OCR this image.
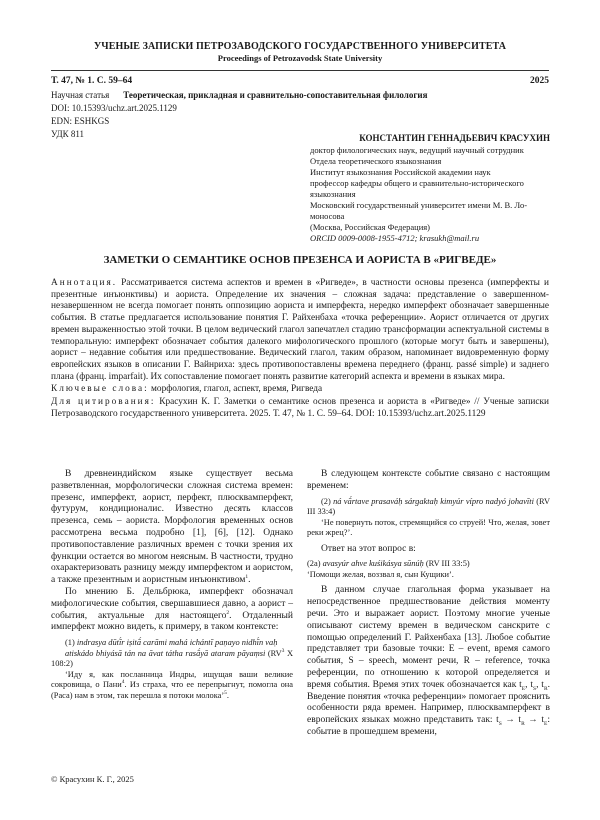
УЧЕНЫЕ ЗАПИСКИ ПЕТРОЗАВОДСКОГО ГОСУДАРСТВЕННОГО УНИВЕРСИТЕТА
Proceedings of Petrozavodsk State University
Т. 47, № 1. С. 59–64	2025
Научная статья Теоретическая, прикладная и сравнительно-сопоставительная филология
DOI: 10.15393/uchz.art.2025.1129
EDN: ESHKGS
УДК 811	КОНСТАНТИН ГЕННАДЬЕВИЧ КРАСУХИН
доктор филологических наук, ведущий научный сотрудник
Отдела теоретического языкознания
Институт языкознания Российской академии наук
профессор кафедры общего и сравнительно-исторического
языкознания
Московский государственный университет имени М. В. Ло-
моносова
(Москва, Российская Федерация)
ORCID 0009-0008-1955-4712; krasukh@mail.ru
ЗАМЕТКИ О СЕМАНТИКЕ ОСНОВ ПРЕЗЕНСА И АОРИСТА В «РИГВЕДЕ»

Аннотация. Рассматривается система аспектов и времен в «Ригведе», в частности основы презенса (имперфекты и презентные инъюнктивы) и аориста. Определение их значения – сложная задача: представление о завершенном-незавершенном не всегда помогает понять оппозицию аориста и имперфекта, нередко имперфект обозначает завершенные события. В статье предлагается использование понятия Г. Райхенбаха «точка референции». Аорист отличается от других времен выраженностью этой точки. В целом ведический глагол запечатлел стадию трансформации аспектуальной системы в темпоральную: имперфект обозначает события далекого мифологического прошлого (которые могут быть и завершены), аорист – недавние события или предшествование. Ведический глагол, таким образом, напоминает видовременную форму европейских языков в описании Г. Вайнриха: здесь противопоставлены времена переднего (франц. passé simple) и заднего плана (франц. imparfait). Их сопоставление помогает понять развитие категорий аспекта и времени в языках мира.

Ключевые слова: морфология, глагол, аспект, время, Ригведа

Для цитирования: Красухин К. Г. Заметки о семантике основ презенса и аориста в «Ригведе» // Ученые записки Петрозаводского государственного университета. 2025. Т. 47, № 1. С. 59–64. DOI: 10.15393/uchz.art.2025.1129

В древнеиндийском языке существует весьма разветвленная, морфологически сложная система времен: презенс, имперфект, аорист, перфект, плюсквамперфект, футурум, кондиционалис. Известно десять классов презенса, семь – аориста. Морфология временных основ рассмотрена весьма подробно [1], [6], [12]. Однако противопоставление различных времен с точки зрения их функции остается во многом неясным. В частности, трудно охарактеризовать разницу между имперфектом и аористом, а также презентным и аористным инъюнктивом$^1$.

По мнению Б. Дельбрюка, имперфект обозначал мифологические события, свершавшиеся давно, а аорист – события, актуальные для настоящего$^2$. Отдаленный имперфект можно видеть, к примеру, в таком контексте:

(1) indrasya dūtī́r iṣitā́ carāmi mahá ichántī paṇayo nidhī́n vaḥ

atiskádo bhiyásā tán na āvat tátha rasā́yā ataram pāyaṃsi ($RV^3$ X 108:2)

‘Иду я, как посланница Индры, ищущая ваши великие сокровища, о Пани$^4$. Из страха, что ее перепрыгнут, помогла она (Раса) нам в этом, так перешла я потоки молока’$^5$.

В следующем контексте событие связано с настоящим временем:

(2) ná vā́rtave prasaváḥ sárgaktaḥ kimyúr vípro nadyó johavīti (RV III 33:4)

‘Не повернуть поток, стремящийся со струей! Что, желая, зовет реки жрец?’.

Ответ на этот вопрос в:

(2a) avasyúr ahve kuśikásya sūnúḥ (RV III 33:5)

‘Помощи желая, воззвал я, сын Кущики’.

В данном случае глагольная форма указывает на непосредственное предшествование действия моменту речи. Это и выражает аорист. Поэтому многие ученые описывают систему времен в ведическом санскрите с помощью определений Г. Райхенбаха [13]. Любое событие представляет три базовые точки: E – event, время самого события, S – speech, момент речи, R – reference, точка референции, по отношению к которой определяется и время события. Время этих точек обозначается как $t_E$, $t_S$, $t_R$. Введение понятия «точка референции» помогает прояснить особенности ряда времен. Например, плюсквамперфект в европейских языках можно представить так: $t_S \to t_R \to t_E$: событие в прошедшем времени,

© Красухин К. Г., 2025
